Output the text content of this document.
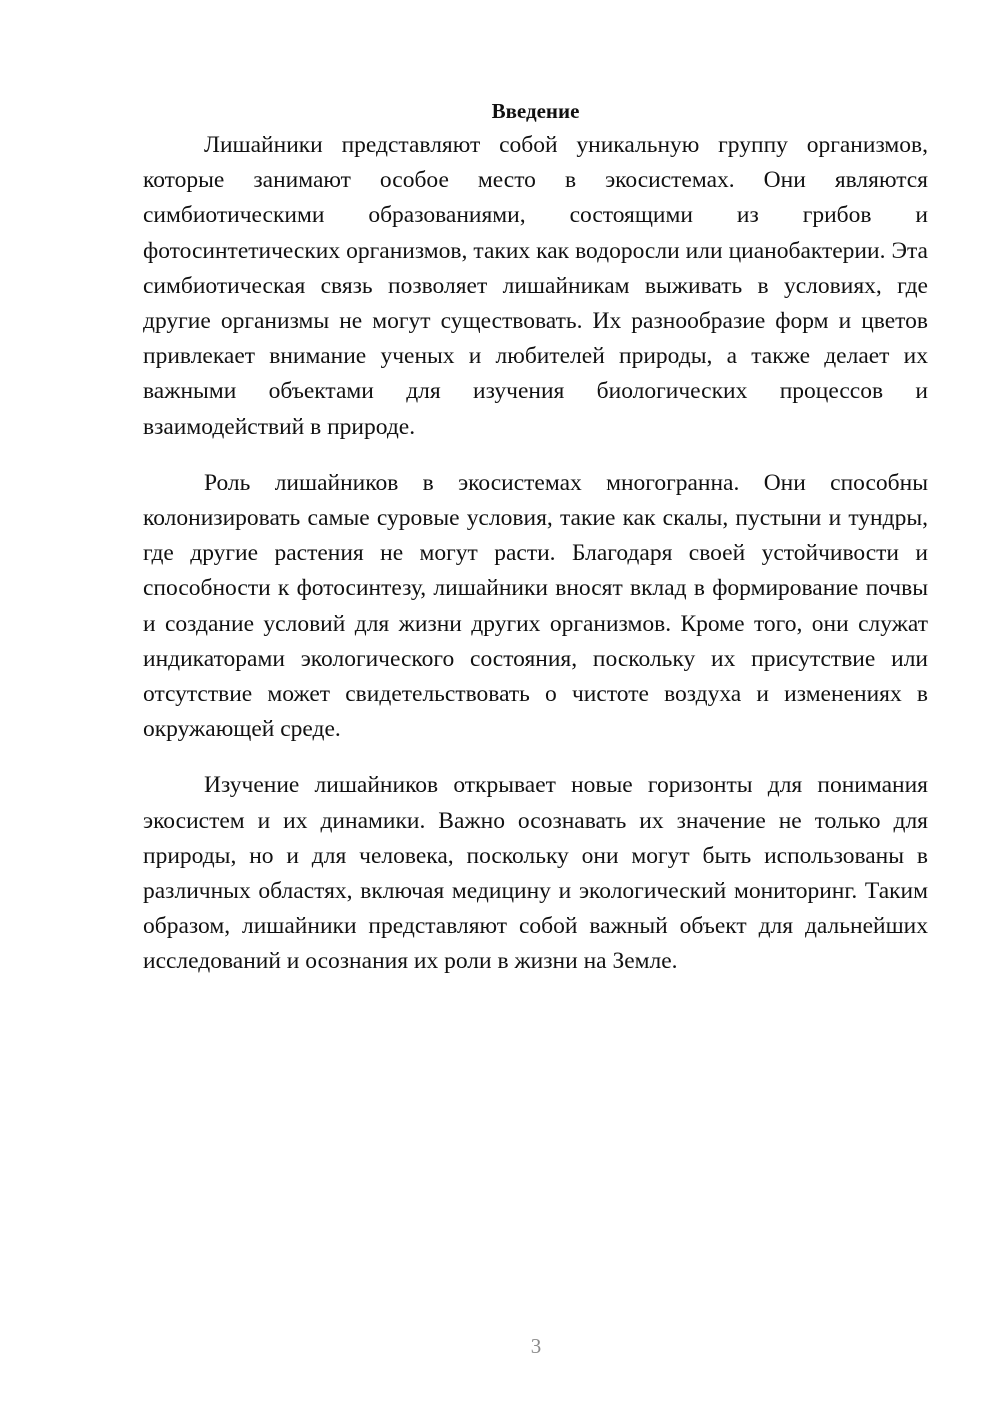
Введение

Лишайники представляют собой уникальную группу организмов, которые занимают особое место в экосистемах. Они являются симбиотическими образованиями, состоящими из грибов и фотосинтетических организмов, таких как водоросли или цианобактерии. Эта симбиотическая связь позволяет лишайникам выживать в условиях, где другие организмы не могут существовать. Их разнообразие форм и цветов привлекает внимание ученых и любителей природы, а также делает их важными объектами для изучения биологических процессов и взаимодействий в природе.

Роль лишайников в экосистемах многогранна. Они способны колонизировать самые суровые условия, такие как скалы, пустыни и тундры, где другие растения не могут расти. Благодаря своей устойчивости и способности к фотосинтезу, лишайники вносят вклад в формирование почвы и создание условий для жизни других организмов. Кроме того, они служат индикаторами экологического состояния, поскольку их присутствие или отсутствие может свидетельствовать о чистоте воздуха и изменениях в окружающей среде.

Изучение лишайников открывает новые горизонты для понимания экосистем и их динамики. Важно осознавать их значение не только для природы, но и для человека, поскольку они могут быть использованы в различных областях, включая медицину и экологический мониторинг. Таким образом, лишайники представляют собой важный объект для дальнейших исследований и осознания их роли в жизни на Земле.

3
